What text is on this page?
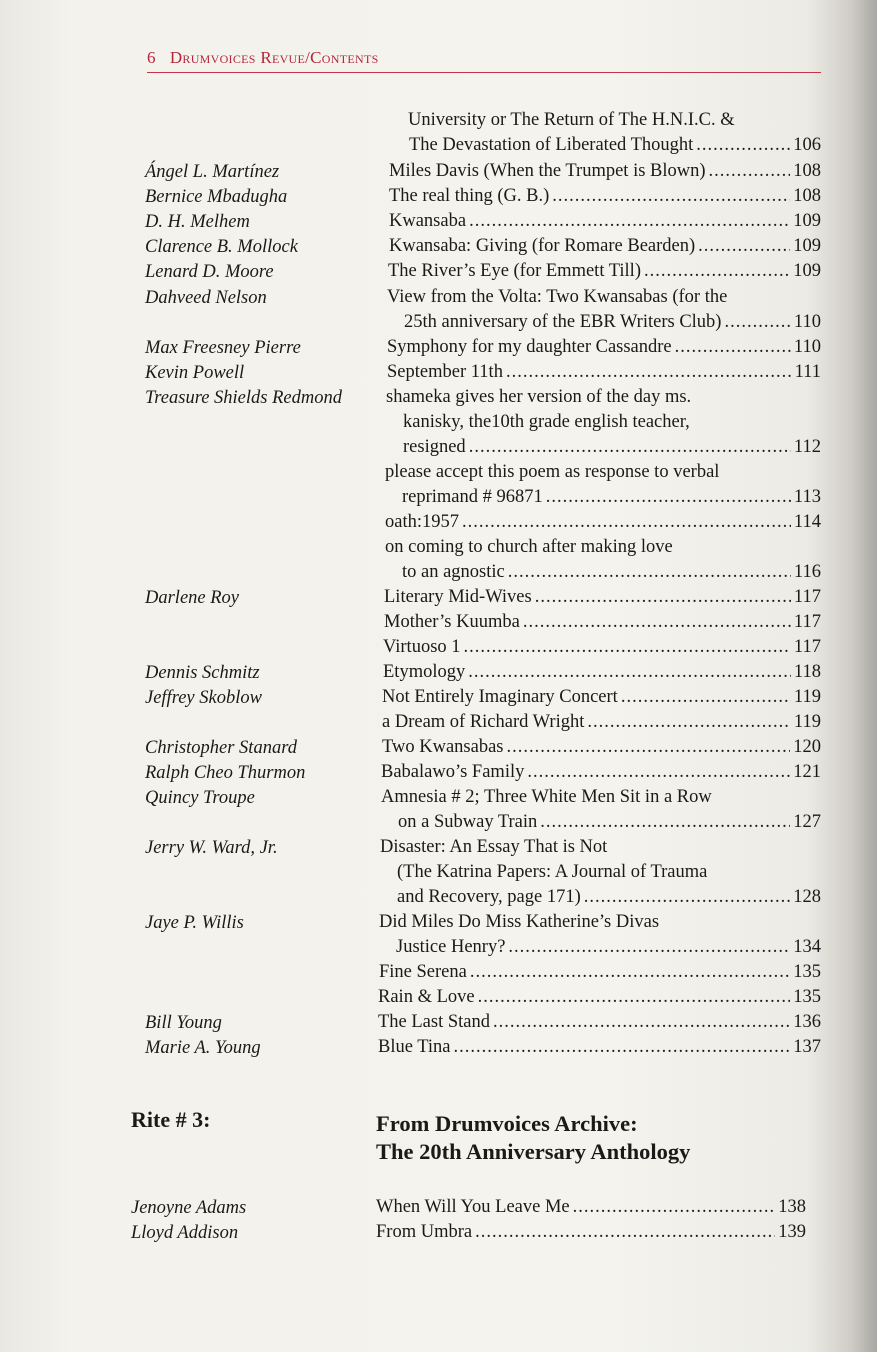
6 Drumvoices Revue/Contents
University or The Return of The H.N.I.C. &
The Devastation of Liberated Thought .....	106
Ángel L. Martínez	Miles Davis (When the Trumpet is Blown) .....	108
Bernice Mbadugha	The real thing (G. B.) .....	108
D. H. Melhem	Kwansaba .....	109
Clarence B. Mollock	Kwansaba: Giving (for Romare Bearden) .....	109
Lenard D. Moore	The River’s Eye (for Emmett Till) .....	109
Dahveed Nelson	View from the Volta: Two Kwansabas (for the
25th anniversary of the EBR Writers Club) .....	110
Max Freesney Pierre	Symphony for my daughter Cassandre .....	110
Kevin Powell	September 11th .....	111
Treasure Shields Redmond	shameka gives her version of the day ms.
kanisky, the10th grade english teacher,
resigned .....	112
please accept this poem as response to verbal
reprimand # 96871 .....	113
oath:1957 .....	114
on coming to church after making love
to an agnostic .....	116
Darlene Roy	Literary Mid-Wives .....	117
Mother’s Kuumba .....	117
Virtuoso 1 .....	117
Dennis Schmitz	Etymology .....	118
Jeffrey Skoblow	Not Entirely Imaginary Concert .....	119
a Dream of Richard Wright .....	119
Christopher Stanard	Two Kwansabas .....	120
Ralph Cheo Thurmon	Babalawo’s Family .....	121
Quincy Troupe	Amnesia # 2; Three White Men Sit in a Row
on a Subway Train .....	127
Jerry W. Ward, Jr.	Disaster: An Essay That is Not
(The Katrina Papers: A Journal of Trauma
and Recovery, page 171) .....	128
Jaye P. Willis	Did Miles Do Miss Katherine’s Divas
Justice Henry? .....	134
Fine Serena .....	135
Rain & Love .....	135
Bill Young	The Last Stand .....	136
Marie A. Young	Blue Tina .....	137
Rite # 3:	From Drumvoices Archive:
The 20th Anniversary Anthology
Jenoyne Adams	When Will You Leave Me .....	138
Lloyd Addison	From Umbra .....	139
